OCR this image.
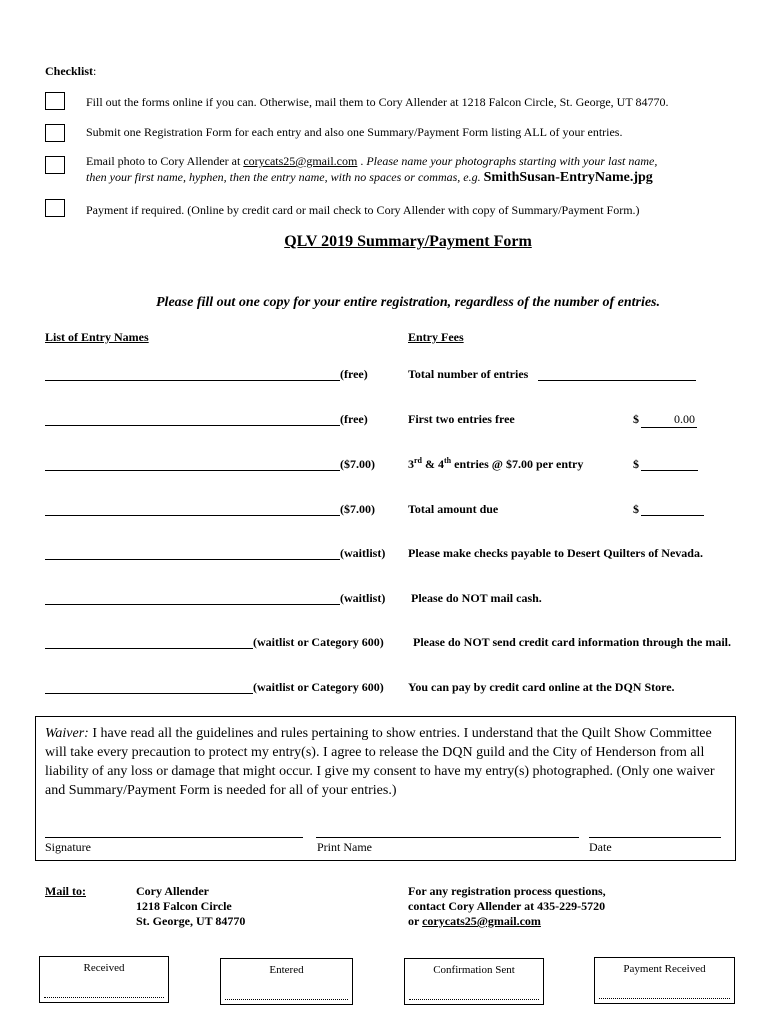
Checklist:
Fill out the forms online if you can. Otherwise, mail them to Cory Allender at 1218 Falcon Circle, St. George, UT 84770.
Submit one Registration Form for each entry and also one Summary/Payment Form listing ALL of your entries.
Email photo to Cory Allender at corycats25@gmail.com . Please name your photographs starting with your last name,
then your first name, hyphen, then the entry name, with no spaces or commas, e.g. SmithSusan-EntryName.jpg
Payment if required. (Online by credit card or mail check to Cory Allender with copy of Summary/Payment Form.)
QLV 2019 Summary/Payment Form
Please fill out one copy for your entire registration, regardless of the number of entries.
List of Entry Names	Entry Fees
(free)	Total number of entries
(free)	First two entries free	$	0.00
($7.00)	3rd & 4th entries @ $7.00 per entry	$
($7.00)	Total amount due	$
(waitlist) Please make checks payable to Desert Quilters of Nevada.
(waitlist) Please do NOT mail cash.
(waitlist or Category 600) Please do NOT send credit card information through the mail.
(waitlist or Category 600) You can pay by credit card online at the DQN Store.
Waiver: I have read all the guidelines and rules pertaining to show entries. I understand that the Quilt Show Committee will take every precaution to protect my entry(s). I agree to release the DQN guild and the City of Henderson from all liability of any loss or damage that might occur. I give my consent to have my entry(s) photographed. (Only one waiver and Summary/Payment Form is needed for all of your entries.)
Signature	Print Name	Date
Mail to:	Cory Allender
1218 Falcon Circle
St. George, UT 84770
For any registration process questions,
contact Cory Allender at 435-229-5720
or corycats25@gmail.com
Received	Entered	Confirmation Sent	Payment Received
